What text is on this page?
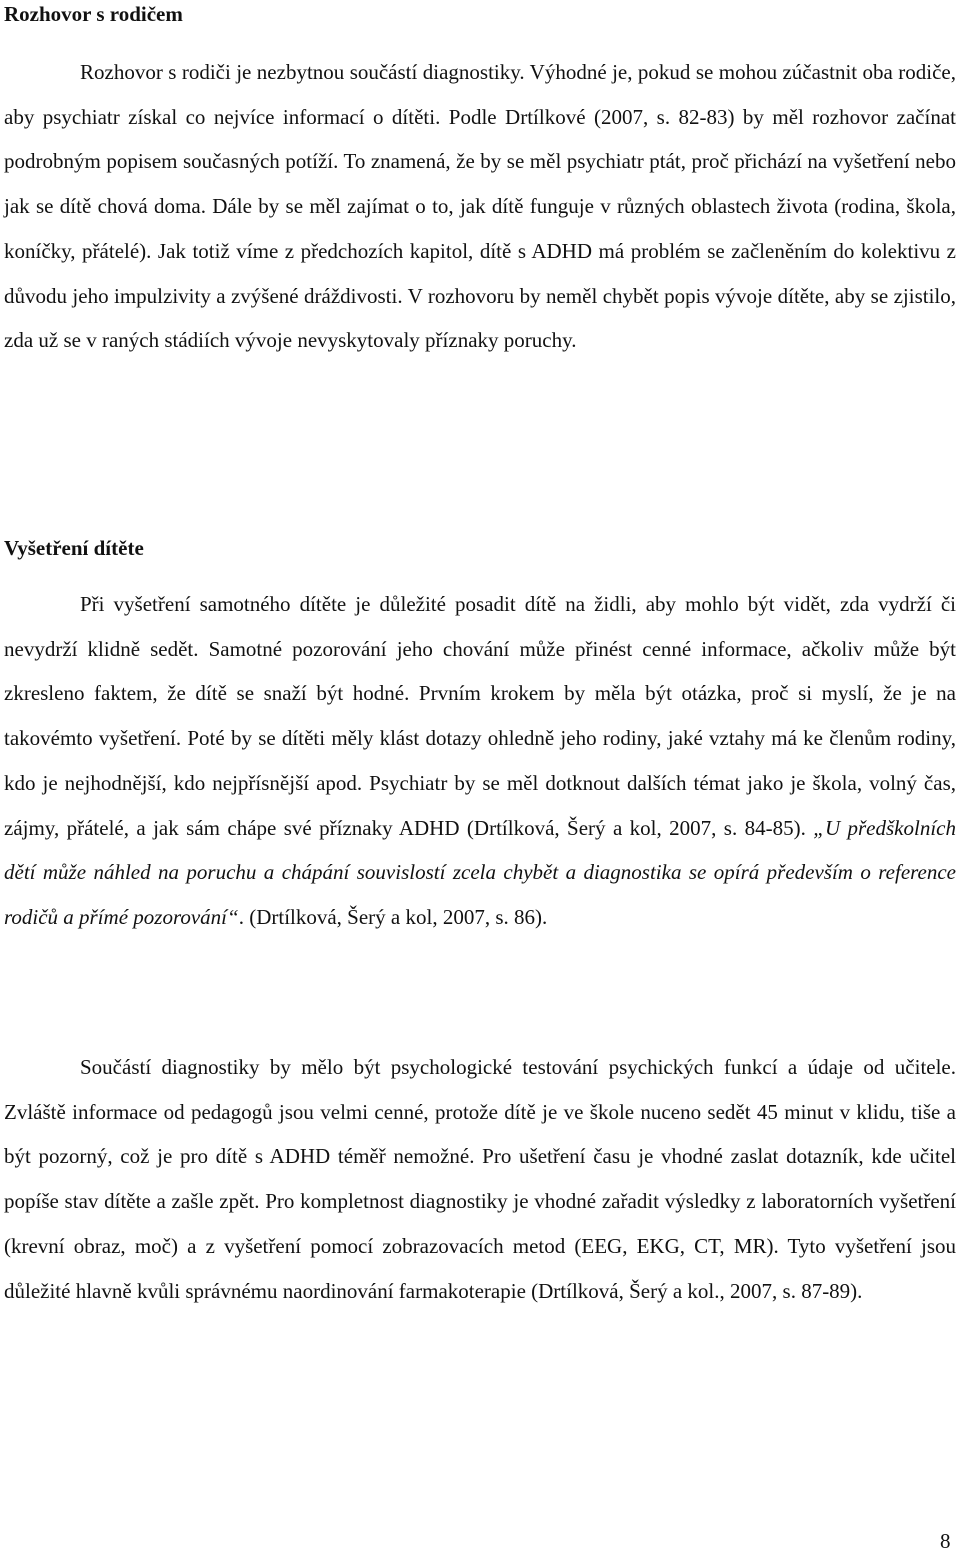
Rozhovor s rodičem

Rozhovor s rodiči je nezbytnou součástí diagnostiky. Výhodné je, pokud se mohou zúčastnit oba rodiče, aby psychiatr získal co nejvíce informací o dítěti. Podle Drtílkové (2007, s. 82-83) by měl rozhovor začínat podrobným popisem současných potíží. To znamená, že by se měl psychiatr ptát, proč přichází na vyšetření nebo jak se dítě chová doma. Dále by se měl zajímat o to, jak dítě funguje v různých oblastech života (rodina, škola, koníčky, přátelé). Jak totiž víme z předchozích kapitol, dítě s ADHD má problém se začleněním do kolektivu z důvodu jeho impulzivity a zvýšené dráždivosti. V rozhovoru by neměl chybět popis vývoje dítěte, aby se zjistilo, zda už se v raných stádiích vývoje nevyskytovaly příznaky poruchy.

Vyšetření dítěte

Při vyšetření samotného dítěte je důležité posadit dítě na židli, aby mohlo být vidět, zda vydrží či nevydrží klidně sedět. Samotné pozorování jeho chování může přinést cenné informace, ačkoliv může být zkresleno faktem, že dítě se snaží být hodné. Prvním krokem by měla být otázka, proč si myslí, že je na takovémto vyšetření. Poté by se dítěti měly klást dotazy ohledně jeho rodiny, jaké vztahy má ke členům rodiny, kdo je nejhodnější, kdo nejpřísnější apod. Psychiatr by se měl dotknout dalších témat jako je škola, volný čas, zájmy, přátelé, a jak sám chápe své příznaky ADHD (Drtílková, Šerý a kol, 2007, s. 84-85). „U předškolních dětí může náhled na poruchu a chápání souvislostí zcela chybět a diagnostika se opírá především o reference rodičů a přímé pozorování“. (Drtílková, Šerý a kol, 2007, s. 86).

Součástí diagnostiky by mělo být psychologické testování psychických funkcí a údaje od učitele. Zvláště informace od pedagogů jsou velmi cenné, protože dítě je ve škole nuceno sedět 45 minut v klidu, tiše a být pozorný, což je pro dítě s ADHD téměř nemožné. Pro ušetření času je vhodné zaslat dotazník, kde učitel popíše stav dítěte a zašle zpět. Pro kompletnost diagnostiky je vhodné zařadit výsledky z laboratorních vyšetření (krevní obraz, moč) a z vyšetření pomocí zobrazovacích metod (EEG, EKG, CT, MR). Tyto vyšetření jsou důležité hlavně kvůli správnému naordinování farmakoterapie (Drtílková, Šerý a kol., 2007, s. 87-89).

8
